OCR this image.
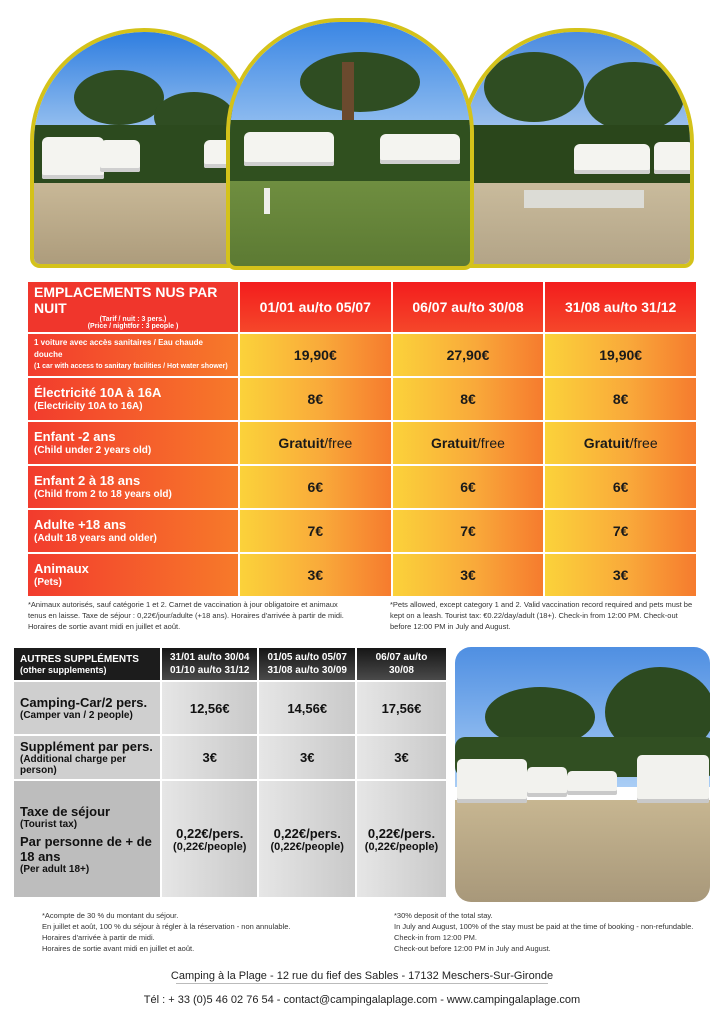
EMPLACEMENTS NUS PAR NUIT
(Tarif / nuit : 3 pers.)
(Price / nightfor : 3 people )	01/01 au/to 05/07	06/07 au/to 30/08	31/08 au/to 31/12

1 voiture avec accès sanitaires / Eau chaude douche
(1 car with access to sanitary facilities / Hot water shower)	19,90€	27,90€	19,90€

Électricité 10A à 16A
(Electricity 10A to 16A)	8€	8€	8€

Enfant -2 ans
(Child under 2 years old)	Gratuit/free	Gratuit/free	Gratuit/free

Enfant 2 à 18 ans
(Child from 2 to 18 years old)	6€	6€	6€

Adulte +18 ans
(Adult 18 years and older)	7€	7€	7€

Animaux
(Pets)	3€	3€	3€

*Animaux autorisés, sauf catégorie 1 et 2. Carnet de vaccination à jour obligatoire et animaux tenus en laisse. Taxe de séjour : 0,22€/jour/adulte (+18 ans). Horaires d'arrivée à partir de midi. Horaires de sortie avant midi en juillet et août.

*Pets allowed, except category 1 and 2. Valid vaccination record required and pets must be kept on a leash. Tourist tax: €0.22/day/adult (18+). Check-in from 12:00 PM. Check-out before 12:00 PM in July and August.

AUTRES SUPPLÉMENTS
(other supplements)	31/01 au/to 30/04
01/10 au/to 31/12	01/05 au/to 05/07
31/08 au/to 30/09	06/07 au/to
30/08

Camping-Car/2 pers.
(Camper van / 2 people)	12,56€	14,56€	17,56€

Supplément par pers.
(Additional charge per person)	3€	3€	3€

Taxe de séjour
(Tourist tax)
Par personne de + de 18 ans
(Per adult 18+)	0,22€/pers.
(0,22€/people)	0,22€/pers.
(0,22€/people)	0,22€/pers.
(0,22€/people)
*Acompte de 30 % du montant du séjour.
En juillet et août, 100 % du séjour à régler à la réservation - non annulable.
Horaires d'arrivée à partir de midi.
Horaires de sortie avant midi en juillet et août.
*30% deposit of the total stay.
In July and August, 100% of the stay must be paid at the time of booking - non-refundable.
Check-in from 12:00 PM.
Check-out before 12:00 PM in July and August.
Camping à la Plage - 12 rue du fief des Sables - 17132 Meschers-Sur-Gironde
Tél : + 33 (0)5 46 02 76 54 - contact@campingalaplage.com - www.campingalaplage.com
